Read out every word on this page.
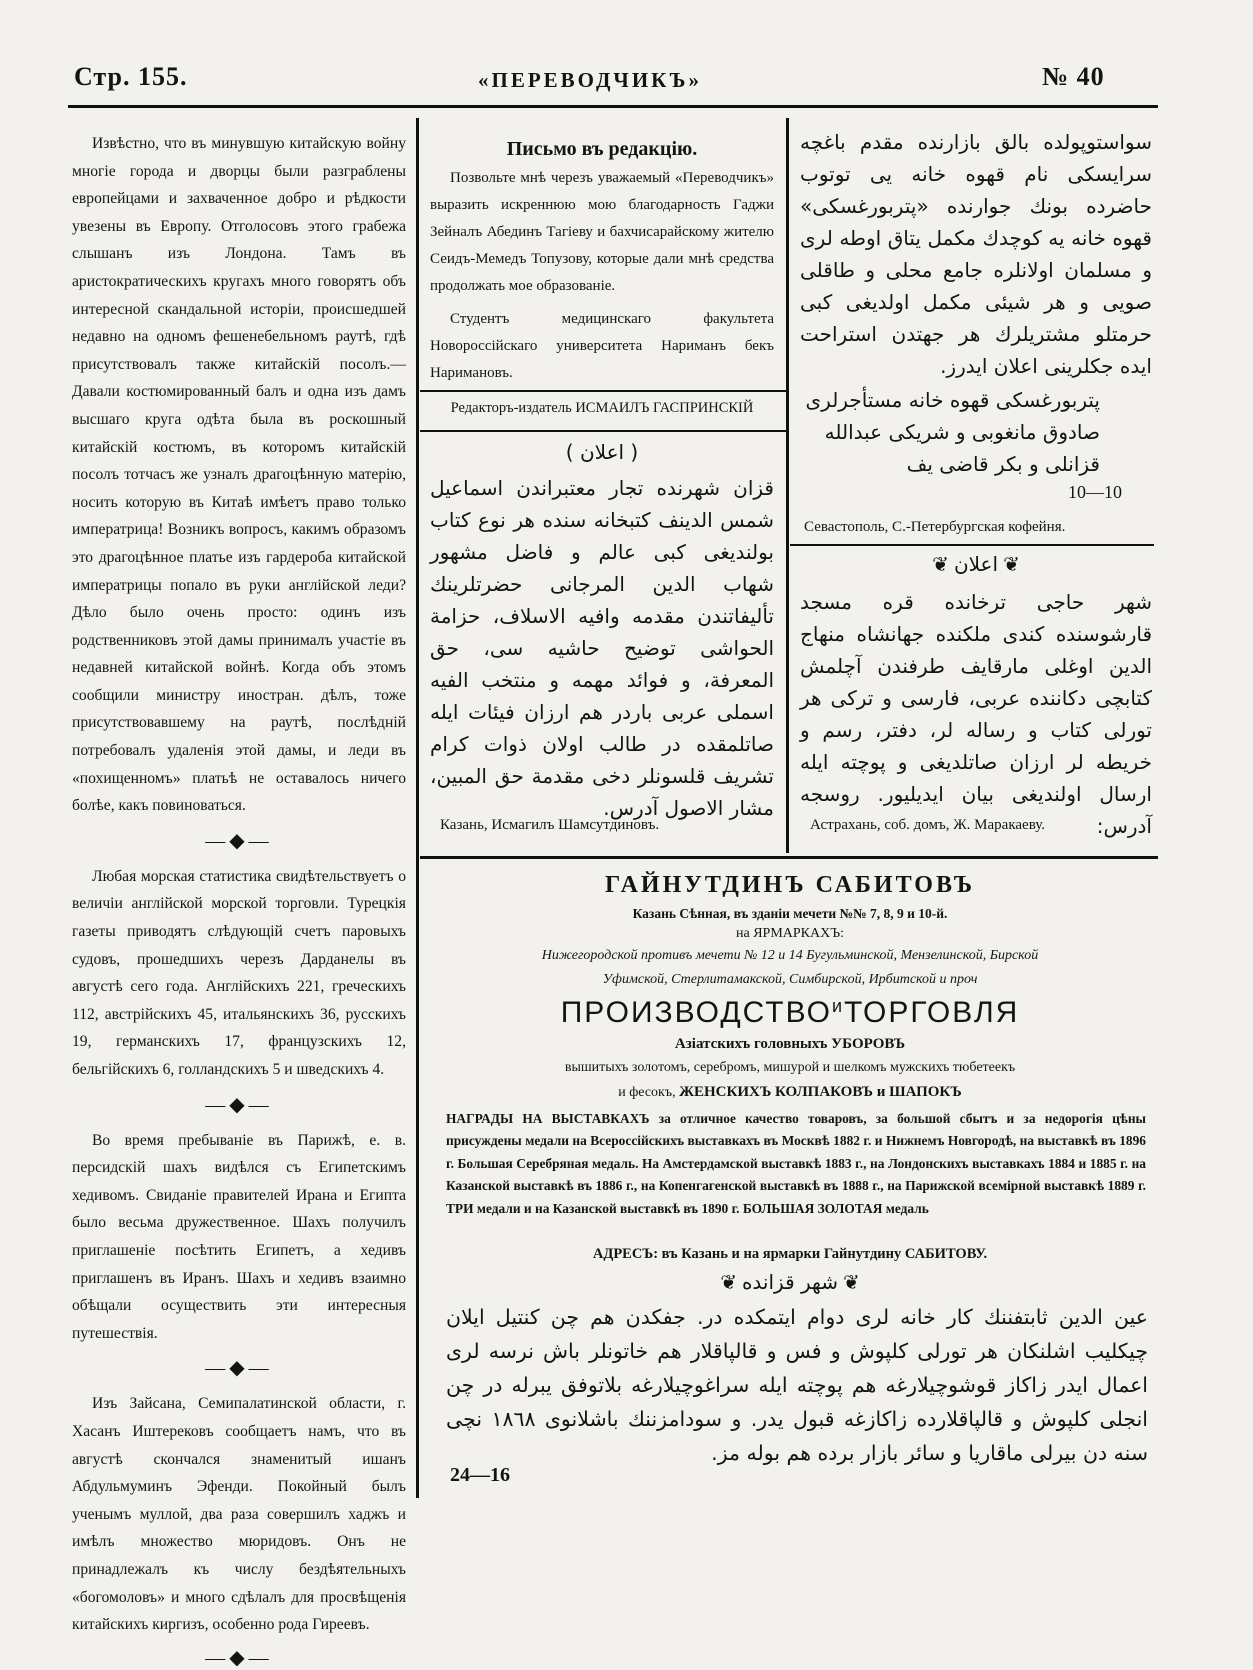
Стр. 155.	«ПЕРЕВОДЧИКЪ»	№ 40

Извѣстно, что въ минувшую китайскую войну многіе города и дворцы были разграблены европейцами и захваченное добро и рѣдкости увезены въ Европу. Отголосовъ этого грабежа слышанъ изъ Лондона. Тамъ въ аристократическихъ кругахъ много говорятъ объ интересной скандальной исторіи, происшедшей недавно на одномъ фешенебельномъ раутѣ, гдѣ присутствовалъ также китайскій посолъ.—Давали костюмированный балъ и одна изъ дамъ высшаго круга одѣта была въ роскошный китайскій костюмъ, въ которомъ китайскій посолъ тотчасъ же узналъ драгоцѣнную матерію, носить которую въ Китаѣ имѣетъ право только императрица! Возникъ вопросъ, какимъ образомъ это драгоцѣнное платье изъ гардероба китайской императрицы попало въ руки англійской леди? Дѣло было очень просто: одинъ изъ родственниковъ этой дамы принималъ участіе въ недавней китайской войнѣ. Когда объ этомъ сообщили министру иностран. дѣлъ, тоже присутствовавшему на раутѣ, послѣдній потребовалъ удаленія этой дамы, и леди въ «похищенномъ» платьѣ не оставалось ничего болѣе, какъ повиноваться.

—◆—

Любая морская статистика свидѣтельствуетъ о величіи англійской морской торговли. Турецкія газеты приводятъ слѣдующій счетъ паровыхъ судовъ, прошедшихъ черезъ Дарданелы въ августѣ сего года. Англійскихъ 221, греческихъ 112, австрійскихъ 45, итальянскихъ 36, русскихъ 19, германскихъ 17, французскихъ 12, бельгійскихъ 6, голландскихъ 5 и шведскихъ 4.

—◆—

Во время пребываніе въ Парижѣ, е. в. персидскій шахъ видѣлся съ Египетскимъ хедивомъ. Свиданіе правителей Ирана и Египта было весьма дружественное. Шахъ получилъ приглашеніе посѣтить Египетъ, а хедивъ приглашенъ въ Иранъ. Шахъ и хедивъ взаимно обѣщали осуществить эти интересныя путешествія.

—◆—

Изъ Зайсана, Семипалатинской области, г. Хасанъ Иштерековъ сообщаетъ намъ, что въ августѣ скончался знаменитый ишанъ Абдульмуминъ Эфенди. Покойный былъ ученымъ муллой, два раза совершилъ хаджъ и имѣлъ множество мюридовъ. Онъ не принадлежалъ къ числу бездѣятельныхъ «богомоловъ» и много сдѣлалъ для просвѣщенія китайскихъ киргизъ, особенно рода Гиреевъ.

—◆—
Письмо въ редакцію.

Позвольте мнѣ черезъ уважаемый «Переводчикъ» выразить искреннюю мою благодарность Гаджи Зейналъ Абединъ Тагіеву и бахчисарайскому жителю Сеидъ-Мемедъ Топузову, которые дали мнѣ средства продолжать мое образованіе.

Студентъ медицинскаго факультета Новороссійскаго университета Нариманъ бекъ Наримановъ.

Редакторъ-издатель ИСМАИЛЪ ГАСПРИНСКІЙ
( اعلان )
قزان شهرنده تجار معتبراندن اسماعيل شمس الدينف كتبخانه سنده هر نوع كتاب بولنديغى كبى عالم و فاضل مشهور شهاب الدين المرجانى حضرتلرينك تأليفاتندن مقدمه وافيه الاسلاف، حزامة الحواشى توضيح حاشيه سى، حق المعرفة، و فوائد مهمه و منتخب الفيه اسملى عربى باردر هم ارزان فيئات ايله صاتلمقده در طالب اولان ذوات كرام تشريف قلسونلر دخى مقدمة حق المبين، مشار الاصول آدرس.
Казань, Исмагилъ Шамсутдиновъ.
سواستوپولده بالق بازارنده مقدم باغچه سرايسكى نام قهوه خانه يى توتوب حاضرده بونك جوارنده «پتربورغسكى» قهوه خانه يه كوچدك مكمل يتاق اوطه لرى و مسلمان اولانلره جامع محلى و طاقلى صويى و هر شيئى مكمل اولديغى كبى حرمتلو مشتريلرك هر جهتدن استراحت ايده جكلرينى اعلان ايدرز.
پتربورغسكى قهوه خانه مستأجرلرى صادوق مانغوبى و شريكى عبدالله قزانلى و بكر قاضى يف
10—10
Севастополь, С.-Петербургская кофейня.
❦ اعلان ❦
شهر حاجى ترخانده قره مسجد قارشوسنده كندى ملكنده جهانشاه منهاج الدين اوغلى مارقايف طرفندن آچلمش كتابچى دكاننده عربى، فارسى و تركى هر تورلى كتاب و رساله لر، دفتر، رسم و خريطه لر ارزان صاتلديغى و پوچته ايله ارسال اولنديغى بيان ايديليور. روسجه آدرس:
Астрахань, соб. домъ, Ж. Маракаеву.
ГАЙНУТДИНЪ САБИТОВЪ
Казань Сѣнная, въ зданіи мечети №№ 7, 8, 9 и 10-й.
на ЯРМАРКАХЪ:
Нижегородской противъ мечети № 12 и 14 Бугульминской, Мензелинской, Бирской
Уфимской, Стерлитамакской, Симбирской, Ирбитской и проч
$ПРОИЗВОДСТВО^иТОРГОВЛЯ$
Азіатскихъ головныхъ УБОРОВЪ
вышитыхъ золотомъ, серебромъ, мишурой и шелкомъ мужскихъ тюбетеекъ
и фесокъ, ЖЕНСКИХЪ КОЛПАКОВЪ и ШАПОКЪ
НАГРАДЫ НА ВЫСТАВКАХЪ за отличное качество товаровъ, за большой сбытъ и за недорогія цѣны присуждены медали на Всероссійскихъ выставкахъ въ Москвѣ 1882 г. и Нижнемъ Новгородѣ, на выставкѣ въ 1896 г. Большая Серебряная медаль. На Амстердамской выставкѣ 1883 г., на Лондонскихъ выставкахъ 1884 и 1885 г. на Казанской выставкѣ въ 1886 г., на Копенгагенской выставкѣ въ 1888 г., на Парижской всемірной выставкѣ 1889 г. ТРИ медали и на Казанской выставкѣ въ 1890 г. БОЛЬШАЯ ЗОЛОТАЯ медаль
АДРЕСЪ: въ Казань и на ярмарки Гайнутдину САБИТОВУ.
❦ شهر قزانده ❦
عين الدين ثابتفننك كار خانه لرى دوام ايتمكده در. جفكدن هم چن كنتيل ايلان چيكليب اشلنكان هر تورلى كلپوش و فس و قالپاقلار هم خاتونلر باش نرسه لرى اعمال ايدر زاكاز قوشوچيلارغه هم پوچته ايله سراغوچيلارغه بلاتوفق يبرله در چن انجلى كلپوش و قالپاقلارده زاكازغه قبول يدر. و سودامزننك باشلانوى ١٨٦٨ نچى سنه دن بيرلى ماقاريا و سائر بازار برده هم بوله مز.
24—16
